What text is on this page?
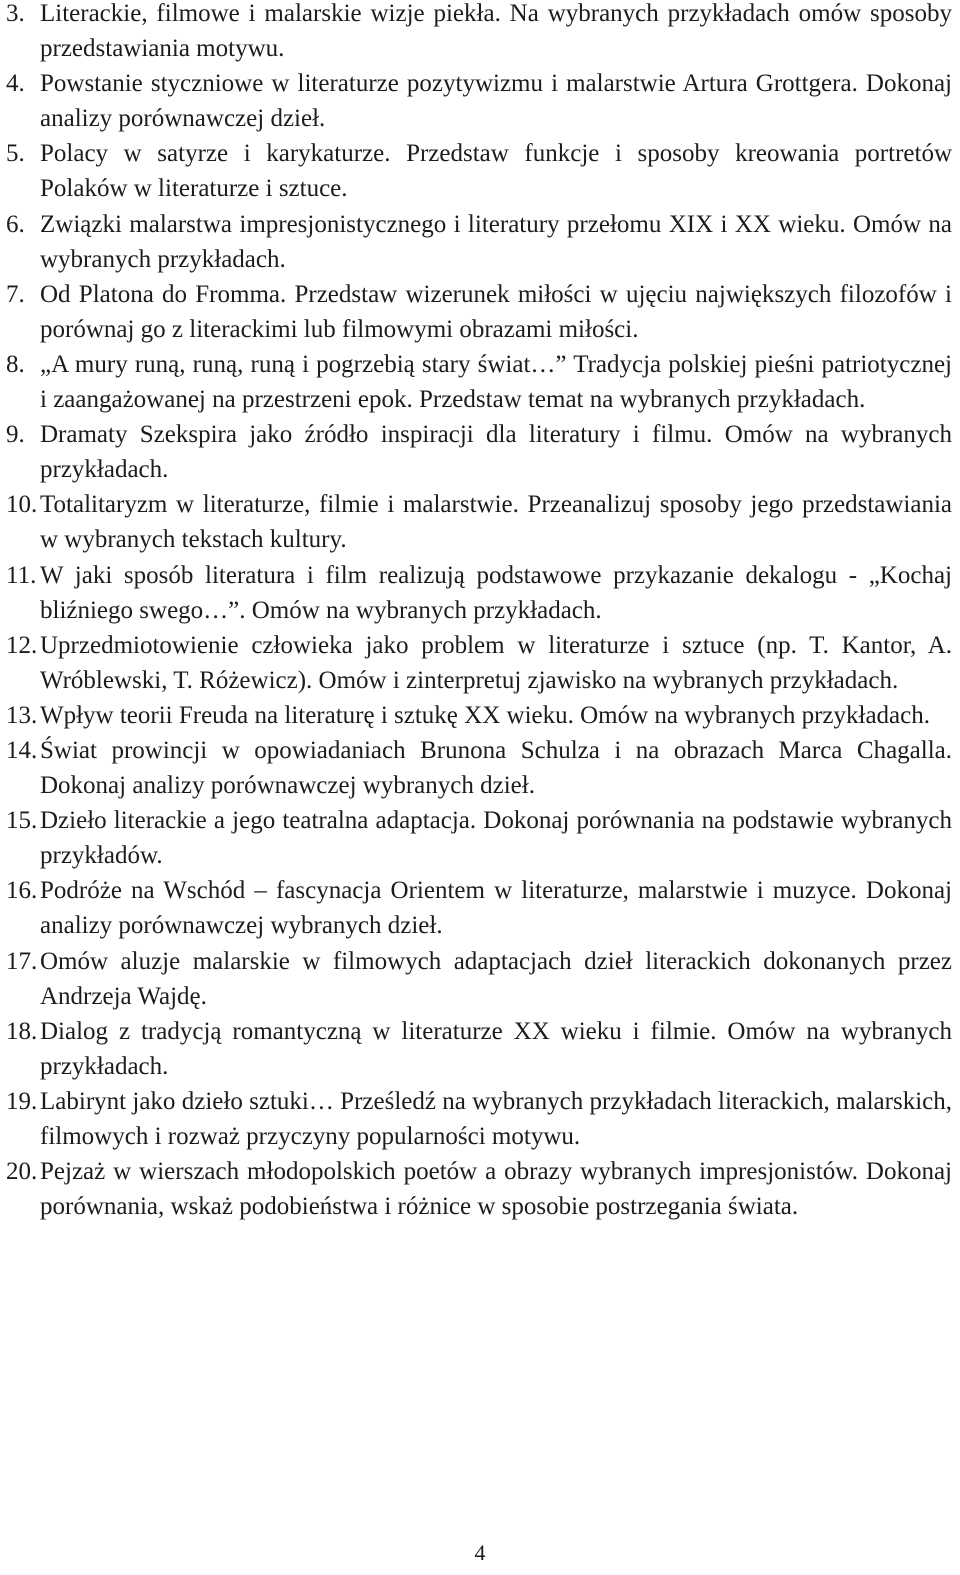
3. Literackie, filmowe i malarskie wizje piekła. Na wybranych przykładach omów sposoby przedstawiania motywu.
4. Powstanie styczniowe w literaturze pozytywizmu i malarstwie Artura Grottgera. Dokonaj analizy porównawczej dzieł.
5. Polacy w satyrze i karykaturze. Przedstaw funkcje i sposoby kreowania portretów Polaków w literaturze i sztuce.
6. Związki malarstwa impresjonistycznego i literatury przełomu XIX i XX wieku. Omów na wybranych przykładach.
7. Od Platona do Fromma. Przedstaw wizerunek miłości w ujęciu największych filozofów i porównaj go z literackimi lub filmowymi obrazami miłości.
8. „A mury runą, runą, runą i pogrzebią stary świat…” Tradycja polskiej pieśni patriotycznej i zaangażowanej na przestrzeni epok. Przedstaw temat na wybranych przykładach.
9. Dramaty Szekspira jako źródło inspiracji dla literatury i filmu. Omów na wybranych przykładach.
10. Totalitaryzm w literaturze, filmie i malarstwie. Przeanalizuj sposoby jego przedstawiania w wybranych tekstach kultury.
11. W jaki sposób literatura i film realizują podstawowe przykazanie dekalogu - „Kochaj bliźniego swego…”. Omów na wybranych przykładach.
12. Uprzedmiotowienie człowieka jako problem w literaturze i sztuce (np. T. Kantor, A. Wróblewski, T. Różewicz). Omów i zinterpretuj zjawisko na wybranych przykładach.
13. Wpływ teorii Freuda na literaturę i sztukę XX wieku. Omów na wybranych przykładach.
14. Świat prowincji w opowiadaniach Brunona Schulza i na obrazach Marca Chagalla. Dokonaj analizy porównawczej wybranych dzieł.
15. Dzieło literackie a jego teatralna adaptacja. Dokonaj porównania na podstawie wybranych przykładów.
16. Podróże na Wschód – fascynacja Orientem w literaturze, malarstwie i muzyce. Dokonaj analizy porównawczej wybranych dzieł.
17. Omów aluzje malarskie w filmowych adaptacjach dzieł literackich dokonanych przez Andrzeja Wajdę.
18. Dialog z tradycją romantyczną w literaturze XX wieku i filmie. Omów na wybranych przykładach.
19. Labirynt jako dzieło sztuki… Prześledź na wybranych przykładach literackich, malarskich, filmowych i rozważ przyczyny popularności motywu.
20. Pejzaż w wierszach młodopolskich poetów a obrazy wybranych impresjonistów. Dokonaj porównania, wskaż podobieństwa i różnice w sposobie postrzegania świata.
4
